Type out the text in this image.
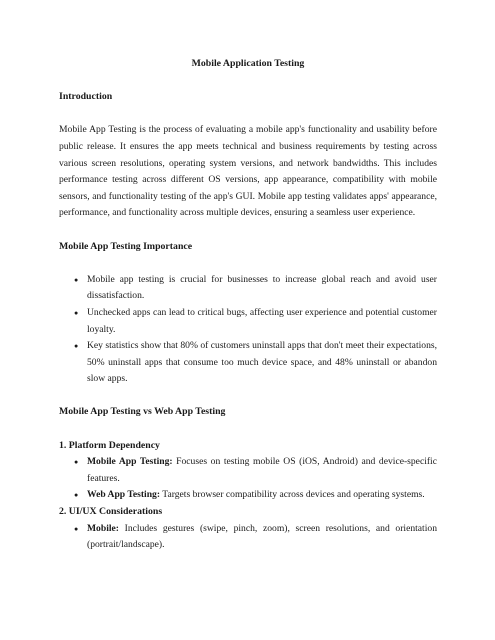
Mobile Application Testing

Introduction

Mobile App Testing is the process of evaluating a mobile app's functionality and usability before public release. It ensures the app meets technical and business requirements by testing across various screen resolutions, operating system versions, and network bandwidths. This includes performance testing across different OS versions, app appearance, compatibility with mobile sensors, and functionality testing of the app's GUI. Mobile app testing validates apps' appearance, performance, and functionality across multiple devices, ensuring a seamless user experience.

Mobile App Testing Importance

● Mobile app testing is crucial for businesses to increase global reach and avoid user dissatisfaction.
● Unchecked apps can lead to critical bugs, affecting user experience and potential customer loyalty.
● Key statistics show that 80% of customers uninstall apps that don't meet their expectations, 50% uninstall apps that consume too much device space, and 48% uninstall or abandon slow apps.

Mobile App Testing vs Web App Testing

1. Platform Dependency

● Mobile App Testing: Focuses on testing mobile OS (iOS, Android) and device-specific features.
● Web App Testing: Targets browser compatibility across devices and operating systems.

2. UI/UX Considerations

● Mobile: Includes gestures (swipe, pinch, zoom), screen resolutions, and orientation (portrait/landscape).
